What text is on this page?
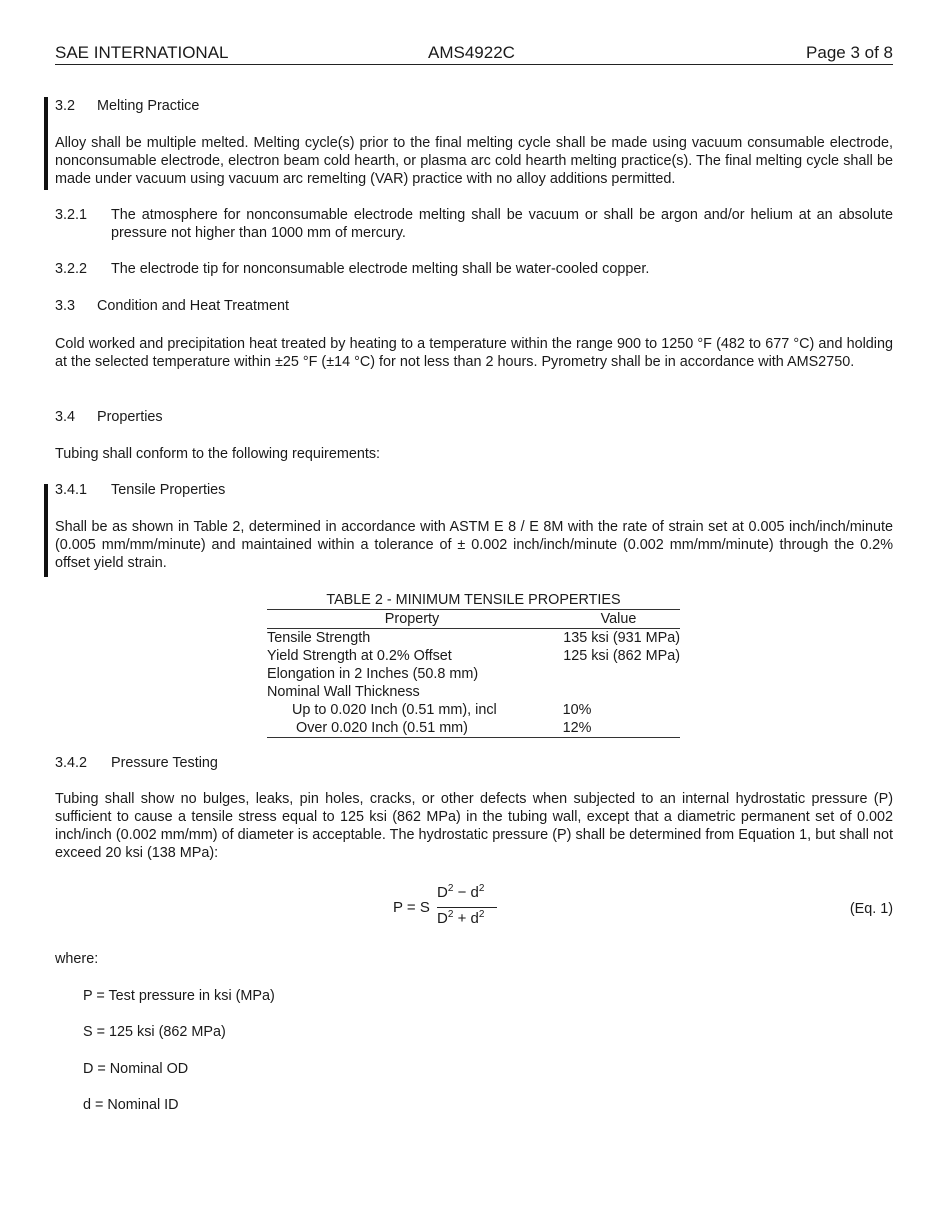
SAE INTERNATIONAL	AMS4922C	Page 3 of 8
3.2 Melting Practice
Alloy shall be multiple melted. Melting cycle(s) prior to the final melting cycle shall be made using vacuum consumable electrode, nonconsumable electrode, electron beam cold hearth, or plasma arc cold hearth melting practice(s). The final melting cycle shall be made under vacuum using vacuum arc remelting (VAR) practice with no alloy additions permitted.
3.2.1 The atmosphere for nonconsumable electrode melting shall be vacuum or shall be argon and/or helium at an absolute pressure not higher than 1000 mm of mercury.
3.2.2 The electrode tip for nonconsumable electrode melting shall be water-cooled copper.
3.3 Condition and Heat Treatment
Cold worked and precipitation heat treated by heating to a temperature within the range 900 to 1250 °F (482 to 677 °C) and holding at the selected temperature within ±25 °F (±14 °C) for not less than 2 hours. Pyrometry shall be in accordance with AMS2750.
3.4 Properties
Tubing shall conform to the following requirements:
3.4.1 Tensile Properties
Shall be as shown in Table 2, determined in accordance with ASTM E 8 / E 8M with the rate of strain set at 0.005 inch/inch/minute (0.005 mm/mm/minute) and maintained within a tolerance of ± 0.002 inch/inch/minute (0.002 mm/mm/minute) through the 0.2% offset yield strain.
TABLE 2 - MINIMUM TENSILE PROPERTIES
Property	Value
Tensile Strength	135 ksi (931 MPa)
Yield Strength at 0.2% Offset	125 ksi (862 MPa)
Elongation in 2 Inches (50.8 mm)
Nominal Wall Thickness
Up to 0.020 Inch (0.51 mm), incl	10%
Over 0.020 Inch (0.51 mm)	12%
3.4.2 Pressure Testing
Tubing shall show no bulges, leaks, pin holes, cracks, or other defects when subjected to an internal hydrostatic pressure (P) sufficient to cause a tensile stress equal to 125 ksi (862 MPa) in the tubing wall, except that a diametric permanent set of 0.002 inch/inch (0.002 mm/mm) of diameter is acceptable. The hydrostatic pressure (P) shall be determined from Equation 1, but shall not exceed 20 ksi (138 MPa):
P = S
$D^2 - d^2$
$D^2 + d^2$	(Eq. 1)
where:
P = Test pressure in ksi (MPa)
S = 125 ksi (862 MPa)
D = Nominal OD
d = Nominal ID
